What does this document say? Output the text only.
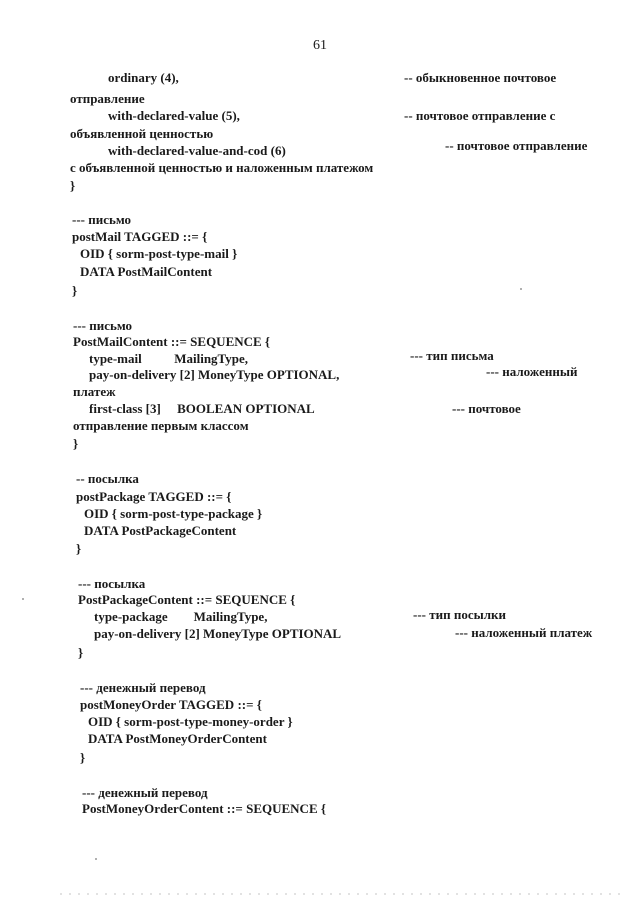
61
ordinary (4),	-- обыкновенное почтовое
отправление
with-declared-value (5),	-- почтовое отправление с
объявленной ценностью
with-declared-value-and-cod (6)	-- почтовое отправление
с объявленной ценностью и наложенным платежом
}
--- письмо
postMail TAGGED ::= {
OID { sorm-post-type-mail }
DATA PostMailContent
}
--- письмо
PostMailContent ::= SEQUENCE {
type-mail          MailingType,	--- тип письма
pay-on-delivery [2] MoneyType OPTIONAL,	--- наложенный
платеж
first-class [3]     BOOLEAN OPTIONAL	--- почтовое
отправление первым классом
}
-- посылка
postPackage TAGGED ::= {
OID { sorm-post-type-package }
DATA PostPackageContent
}
--- посылка
PostPackageContent ::= SEQUENCE {
type-package        MailingType,	--- тип посылки
pay-on-delivery [2] MoneyType OPTIONAL	--- наложенный платеж
}
--- денежный перевод
postMoneyOrder TAGGED ::= {
OID { sorm-post-type-money-order }
DATA PostMoneyOrderContent
}
--- денежный перевод
PostMoneyOrderContent ::= SEQUENCE {
